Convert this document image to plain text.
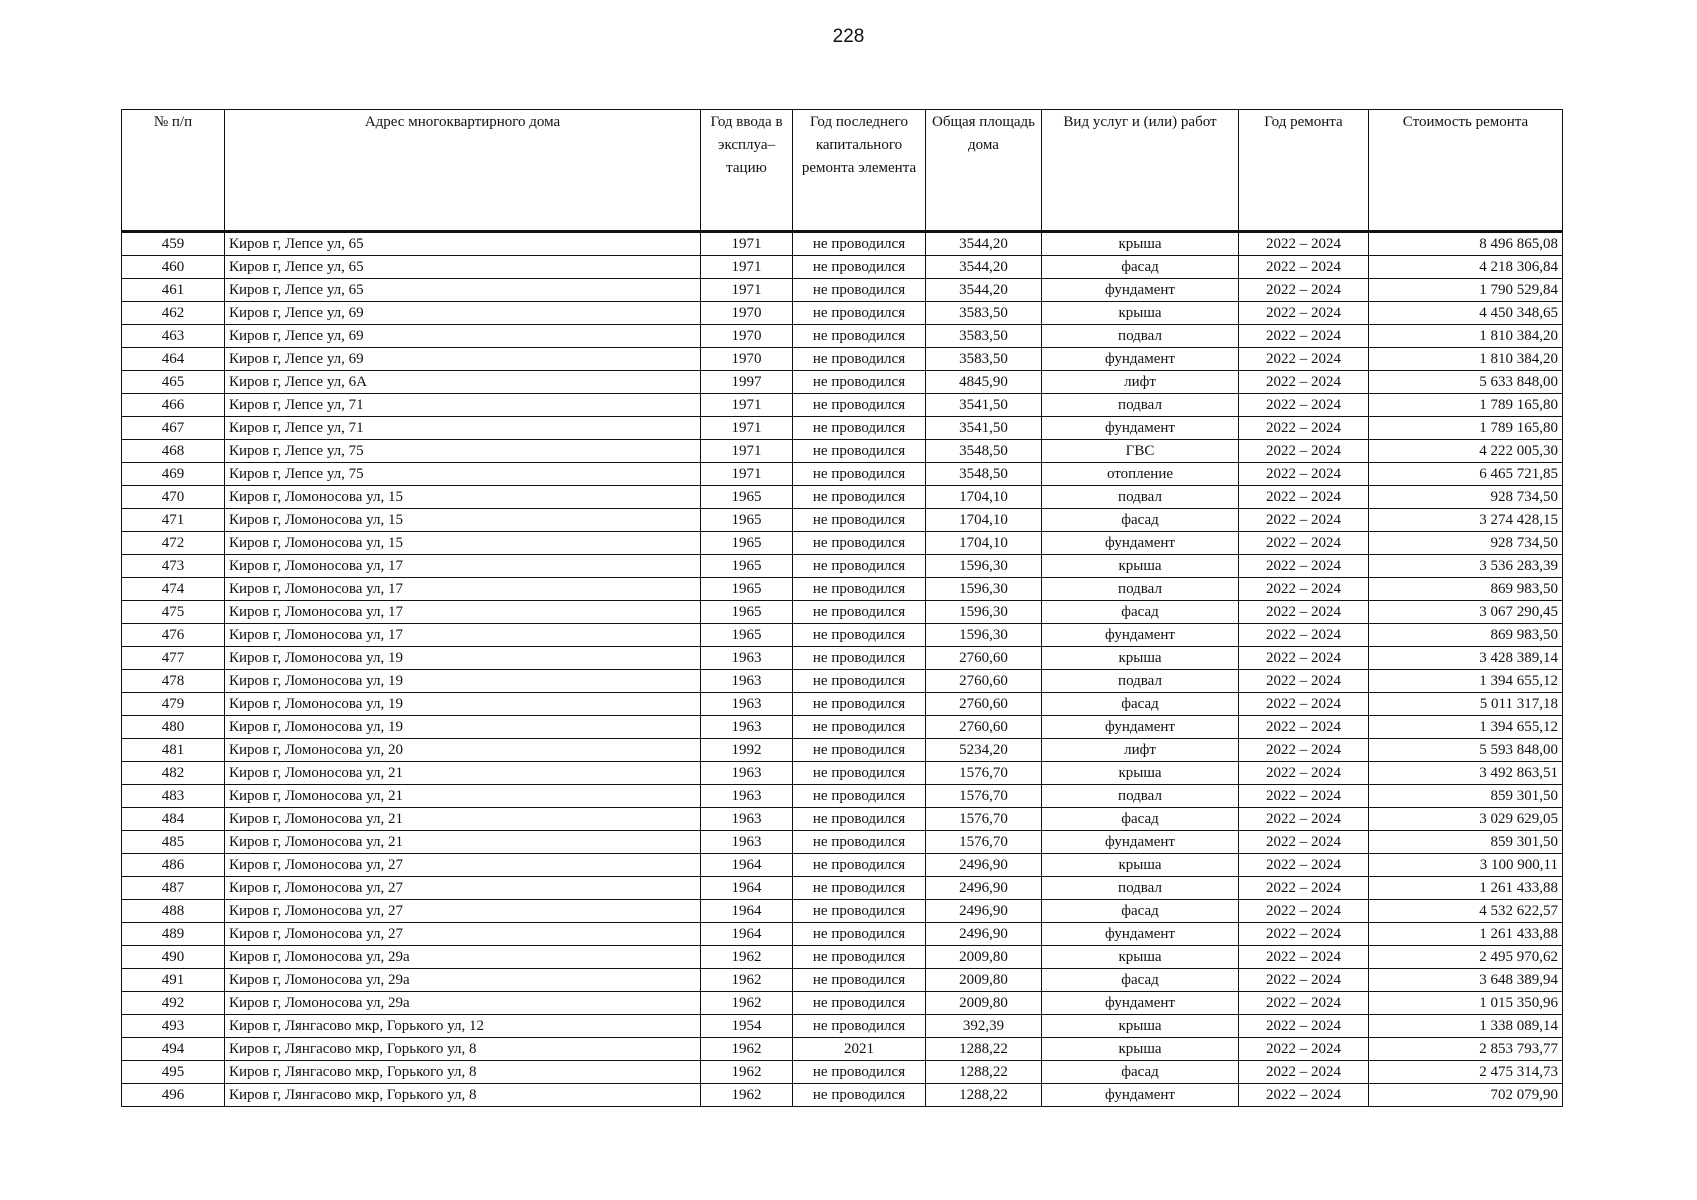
228
№ п/п	Адрес многоквартирного дома	Год ввода в эксплуа–тацию	Год последнего капитального ремонта элемента	Общая площадь дома	Вид услуг и (или) работ	Год ремонта	Стоимость ремонта
459	Киров г, Лепсе ул, 65	1971	не проводился	3544,20	крыша	2022 – 2024	8 496 865,08
460	Киров г, Лепсе ул, 65	1971	не проводился	3544,20	фасад	2022 – 2024	4 218 306,84
461	Киров г, Лепсе ул, 65	1971	не проводился	3544,20	фундамент	2022 – 2024	1 790 529,84
462	Киров г, Лепсе ул, 69	1970	не проводился	3583,50	крыша	2022 – 2024	4 450 348,65
463	Киров г, Лепсе ул, 69	1970	не проводился	3583,50	подвал	2022 – 2024	1 810 384,20
464	Киров г, Лепсе ул, 69	1970	не проводился	3583,50	фундамент	2022 – 2024	1 810 384,20
465	Киров г, Лепсе ул, 6А	1997	не проводился	4845,90	лифт	2022 – 2024	5 633 848,00
466	Киров г, Лепсе ул, 71	1971	не проводился	3541,50	подвал	2022 – 2024	1 789 165,80
467	Киров г, Лепсе ул, 71	1971	не проводился	3541,50	фундамент	2022 – 2024	1 789 165,80
468	Киров г, Лепсе ул, 75	1971	не проводился	3548,50	ГВС	2022 – 2024	4 222 005,30
469	Киров г, Лепсе ул, 75	1971	не проводился	3548,50	отопление	2022 – 2024	6 465 721,85
470	Киров г, Ломоносова ул, 15	1965	не проводился	1704,10	подвал	2022 – 2024	928 734,50
471	Киров г, Ломоносова ул, 15	1965	не проводился	1704,10	фасад	2022 – 2024	3 274 428,15
472	Киров г, Ломоносова ул, 15	1965	не проводился	1704,10	фундамент	2022 – 2024	928 734,50
473	Киров г, Ломоносова ул, 17	1965	не проводился	1596,30	крыша	2022 – 2024	3 536 283,39
474	Киров г, Ломоносова ул, 17	1965	не проводился	1596,30	подвал	2022 – 2024	869 983,50
475	Киров г, Ломоносова ул, 17	1965	не проводился	1596,30	фасад	2022 – 2024	3 067 290,45
476	Киров г, Ломоносова ул, 17	1965	не проводился	1596,30	фундамент	2022 – 2024	869 983,50
477	Киров г, Ломоносова ул, 19	1963	не проводился	2760,60	крыша	2022 – 2024	3 428 389,14
478	Киров г, Ломоносова ул, 19	1963	не проводился	2760,60	подвал	2022 – 2024	1 394 655,12
479	Киров г, Ломоносова ул, 19	1963	не проводился	2760,60	фасад	2022 – 2024	5 011 317,18
480	Киров г, Ломоносова ул, 19	1963	не проводился	2760,60	фундамент	2022 – 2024	1 394 655,12
481	Киров г, Ломоносова ул, 20	1992	не проводился	5234,20	лифт	2022 – 2024	5 593 848,00
482	Киров г, Ломоносова ул, 21	1963	не проводился	1576,70	крыша	2022 – 2024	3 492 863,51
483	Киров г, Ломоносова ул, 21	1963	не проводился	1576,70	подвал	2022 – 2024	859 301,50
484	Киров г, Ломоносова ул, 21	1963	не проводился	1576,70	фасад	2022 – 2024	3 029 629,05
485	Киров г, Ломоносова ул, 21	1963	не проводился	1576,70	фундамент	2022 – 2024	859 301,50
486	Киров г, Ломоносова ул, 27	1964	не проводился	2496,90	крыша	2022 – 2024	3 100 900,11
487	Киров г, Ломоносова ул, 27	1964	не проводился	2496,90	подвал	2022 – 2024	1 261 433,88
488	Киров г, Ломоносова ул, 27	1964	не проводился	2496,90	фасад	2022 – 2024	4 532 622,57
489	Киров г, Ломоносова ул, 27	1964	не проводился	2496,90	фундамент	2022 – 2024	1 261 433,88
490	Киров г, Ломоносова ул, 29а	1962	не проводился	2009,80	крыша	2022 – 2024	2 495 970,62
491	Киров г, Ломоносова ул, 29а	1962	не проводился	2009,80	фасад	2022 – 2024	3 648 389,94
492	Киров г, Ломоносова ул, 29а	1962	не проводился	2009,80	фундамент	2022 – 2024	1 015 350,96
493	Киров г, Лянгасово мкр, Горького ул, 12	1954	не проводился	392,39	крыша	2022 – 2024	1 338 089,14
494	Киров г, Лянгасово мкр, Горького ул, 8	1962	2021	1288,22	крыша	2022 – 2024	2 853 793,77
495	Киров г, Лянгасово мкр, Горького ул, 8	1962	не проводился	1288,22	фасад	2022 – 2024	2 475 314,73
496	Киров г, Лянгасово мкр, Горького ул, 8	1962	не проводился	1288,22	фундамент	2022 – 2024	702 079,90
